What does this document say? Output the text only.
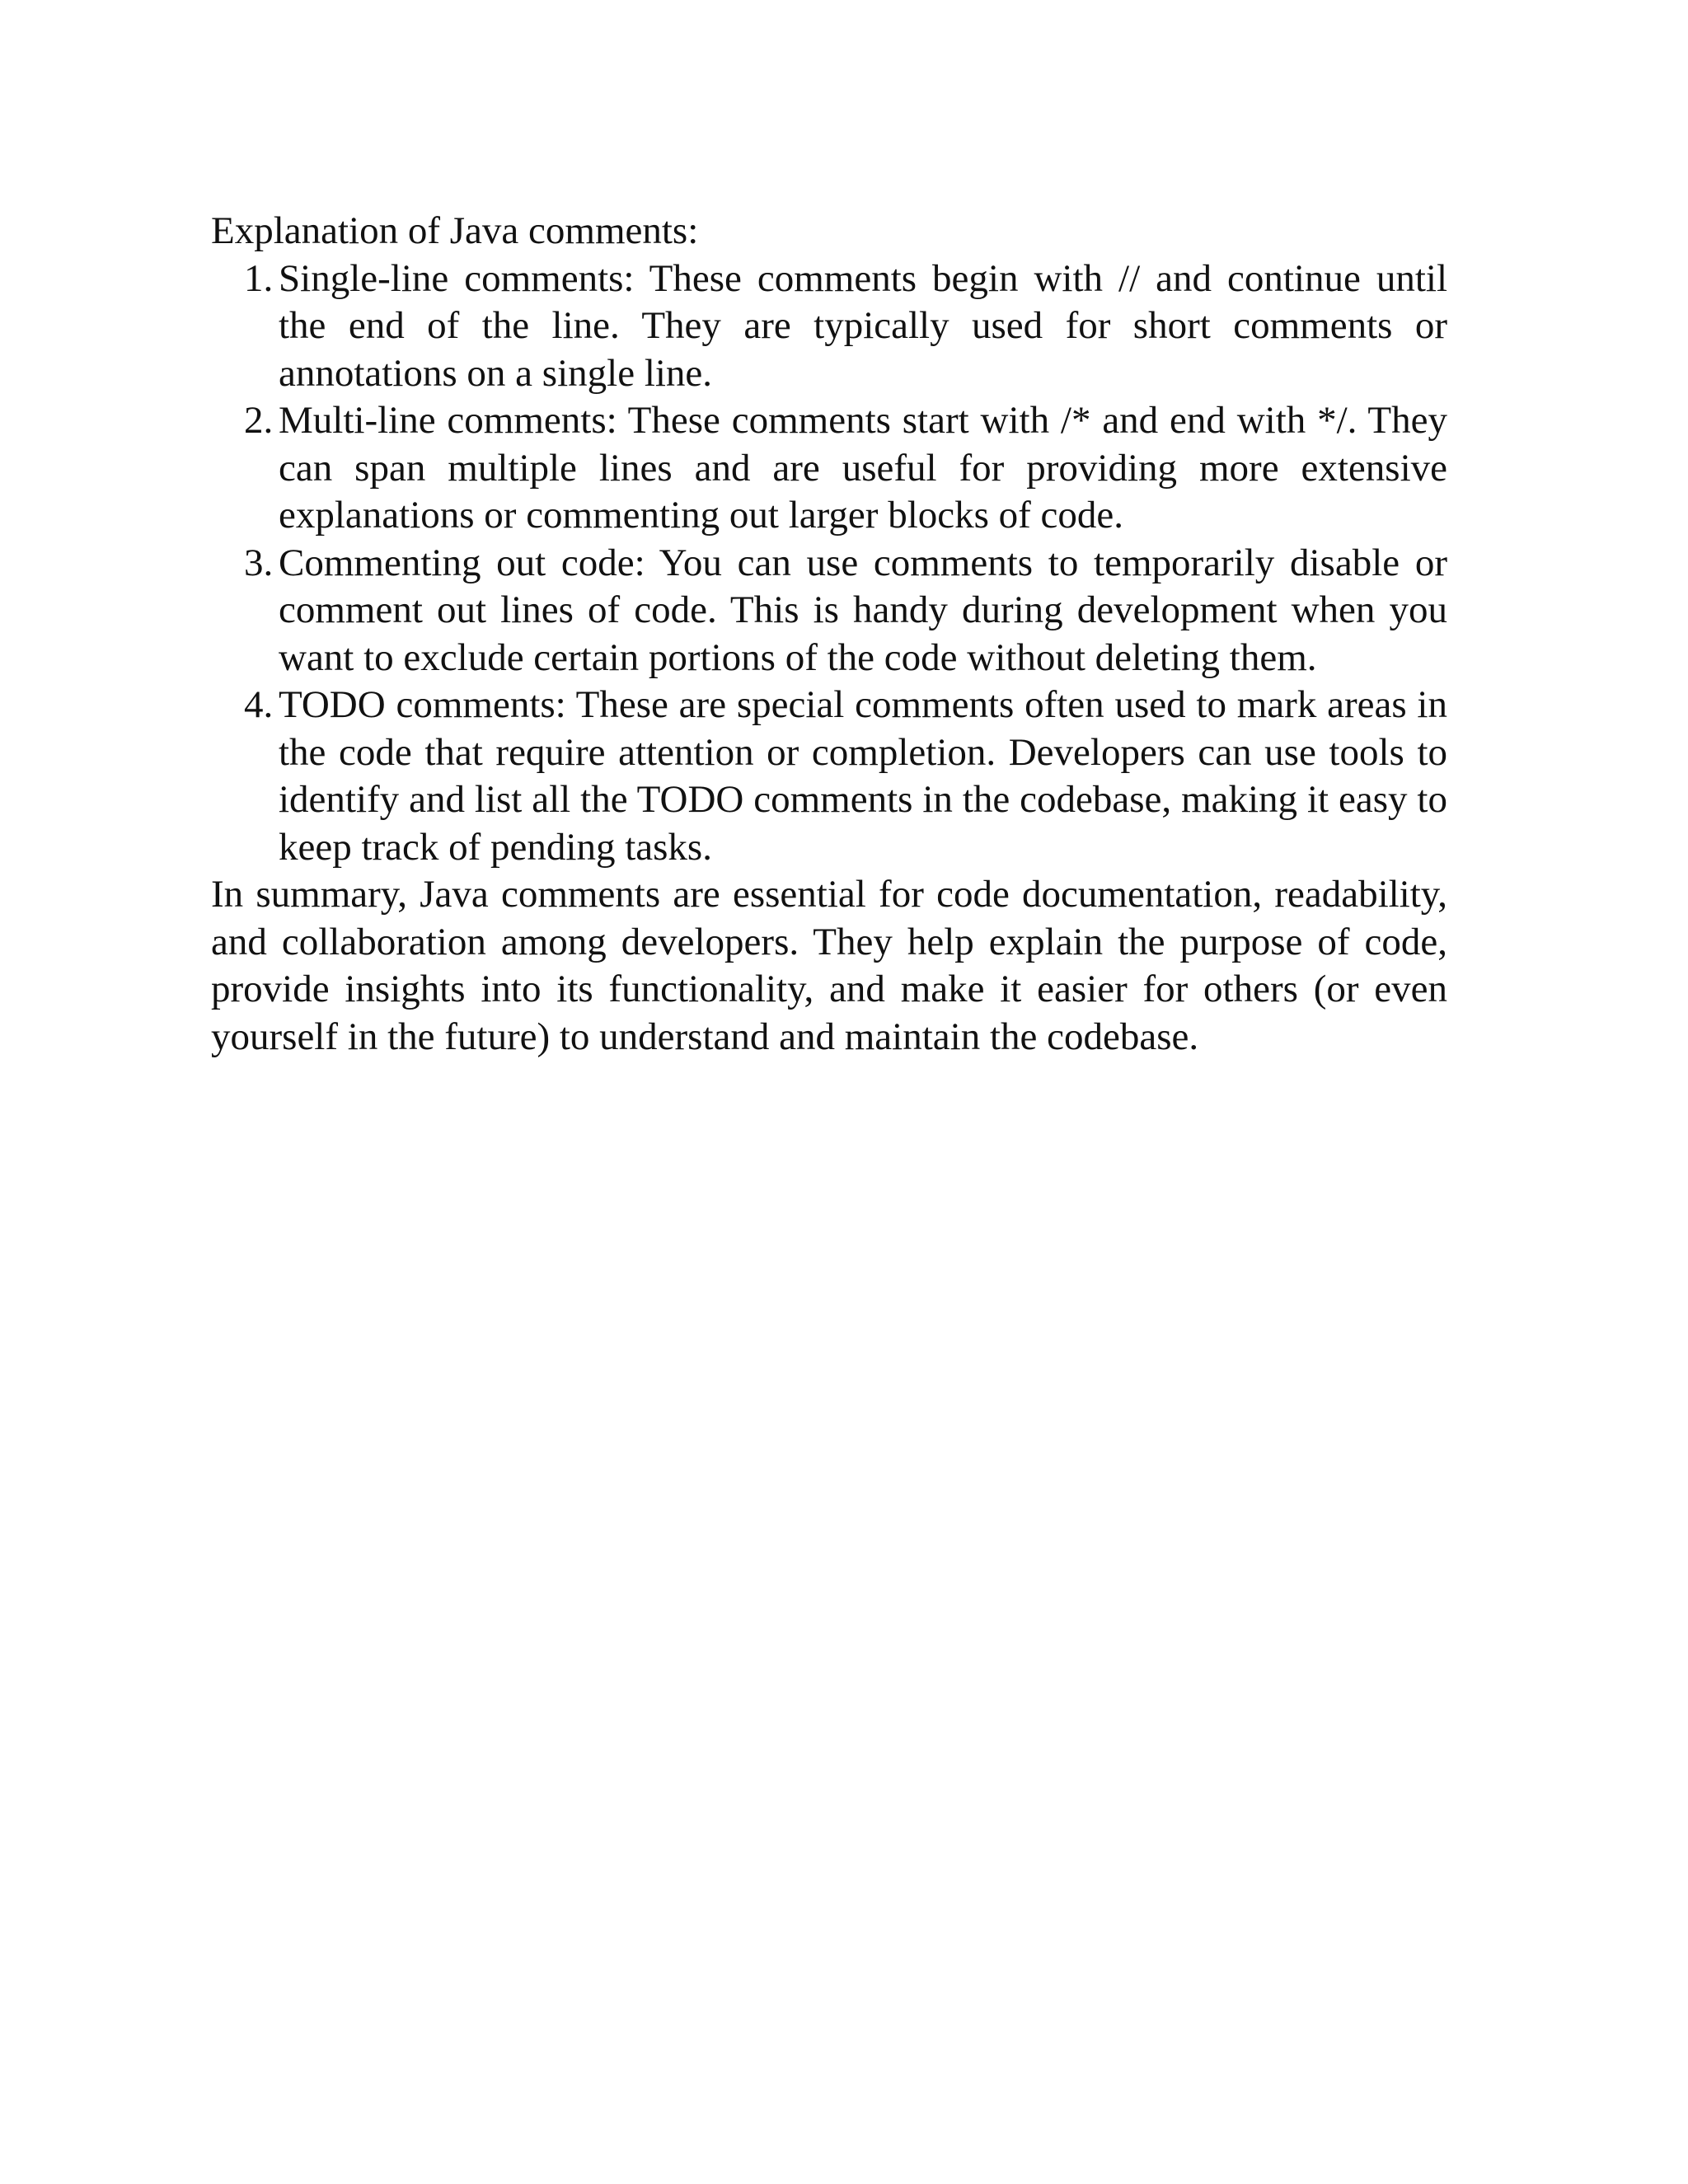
Explanation of Java comments:

1. Single-line comments: These comments begin with // and continue until the end of the line. They are typically used for short comments or annotations on a single line.
2. Multi-line comments: These comments start with /* and end with */. They can span multiple lines and are useful for providing more extensive explanations or commenting out larger blocks of code.
3. Commenting out code: You can use comments to temporarily disable or comment out lines of code. This is handy during development when you want to exclude certain portions of the code without deleting them.
4. TODO comments: These are special comments often used to mark areas in the code that require attention or completion. Developers can use tools to identify and list all the TODO comments in the codebase, making it easy to keep track of pending tasks.

In summary, Java comments are essential for code documentation, readability, and collaboration among developers. They help explain the purpose of code, provide insights into its functionality, and make it easier for others (or even yourself in the future) to understand and maintain the codebase.
